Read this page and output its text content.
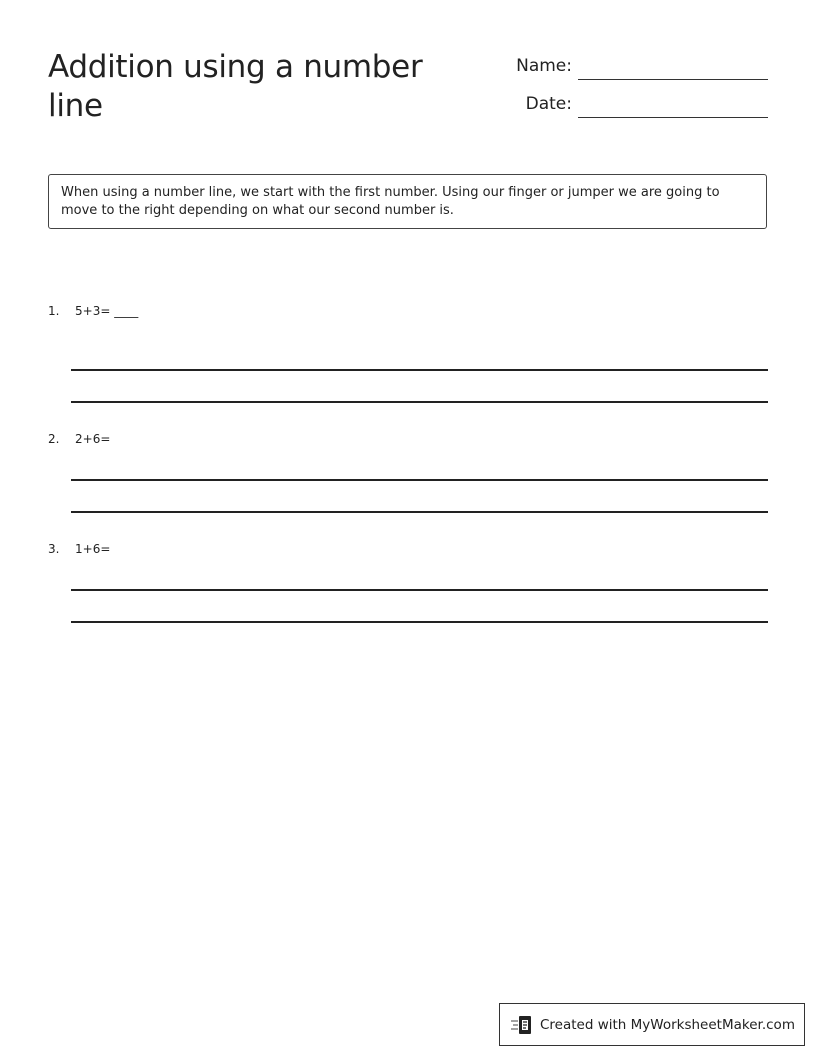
Addition using a number line
Name:
Date:
When using a number line, we start with the first number. Using our finger or jumper we are going to move to the right depending on what our second number is.
1. 5+3= ____
2. 2+6=
3. 1+6=
Created with MyWorksheetMaker.com
